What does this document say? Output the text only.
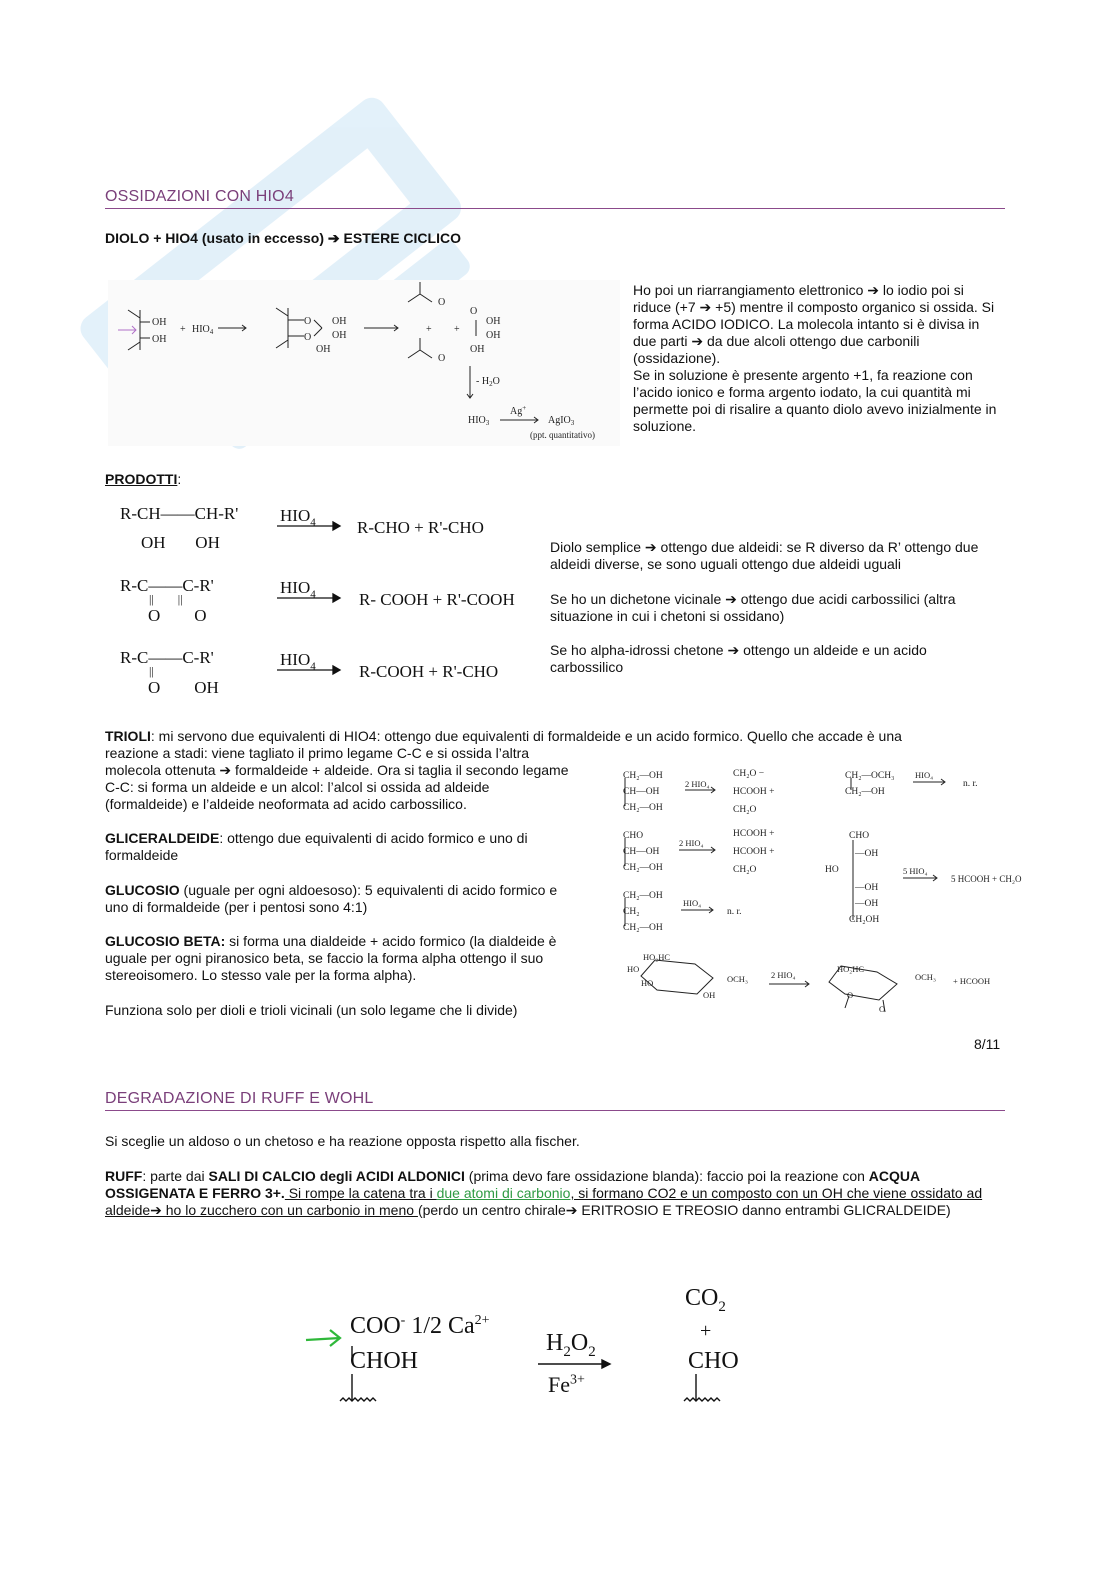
OSSIDAZIONI CON HIO4
DIOLO + HIO4 (usato in eccesso) ➔ ESTERE CICLICO
OH
OH
+ $HIO_4$
O
O
OH
OH
OH
O
O
+ +
O
OH
OH
OH
- $H_2O$
$HIO_3$
Ag+
AgIO$_3$
(ppt. quantitativo)

Ho poi un riarrangiamento elettronico ➔ lo iodio poi si riduce (+7 ➔ +5) mentre il composto organico si ossida. Si forma ACIDO IODICO. La molecola intanto si è divisa in due parti ➔ da due alcoli ottengo due carbonili (ossidazione).

Se in soluzione è presente argento +1, fa reazione con l’acido ionico e forma argento iodato, la cui quantità mi permette poi di risalire a quanto diolo avevo inizialmente in soluzione.

PRODOTTI:
R-CH——CH-R'
OH       OH
$HIO_4$ R-CHO + R'-CHO
R-C——C-R'
||        ||
O        O
$HIO_4$	R- COOH + R'-COOH
R-C——C-R'
||
O        OH
$HIO_4$	R-COOH + R'-CHO
Diolo semplice ➔ ottengo due aldeidi: se R diverso da R’ ottengo due aldeidi diverse, se sono uguali ottengo due aldeidi uguali
Se ho un dichetone vicinale ➔ ottengo due acidi carbossilici (altra situazione in cui i chetoni si ossidano)
Se ho alpha-idrossi chetone ➔ ottengo un aldeide e un acido carbossilico
TRIOLI: mi servono due equivalenti di HIO4: ottengo due equivalenti di formaldeide e un acido formico. Quello che accade è una
reazione a stadi: viene tagliato il primo legame C-C e si ossida l’altra molecola ottenuta ➔ formaldeide + aldeide. Ora si taglia il secondo legame C-C: si forma un aldeide e un alcol: l’alcol si ossida ad aldeide (formaldeide) e l’aldeide neoformata ad acido carbossilico.
GLICERALDEIDE: ottengo due equivalenti di acido formico e uno di formaldeide
GLUCOSIO (uguale per ogni aldoesoso): 5 equivalenti di acido formico e uno di formaldeide (per i pentosi sono 4:1)
GLUCOSIO BETA: si forma una dialdeide + acido formico (la dialdeide è uguale per ogni piranosico beta, se faccio la forma alpha ottengo il suo stereoisomero. Lo stesso vale per la forma alpha).
Funziona solo per dioli e trioli vicinali (un solo legame che li divide)
CH₂—OH
CH—OH
CH₂—OH
2 HIO₄
CH₂O −
HCOOH +
CH₂O
CH₂—OCH₃
CH₂—OH
HIO₄
n. r.
CHO
CH—OH
CH₂—OH
2 HIO₄
HCOOH +
HCOOH +
CH₂O
CHO
—OH
HO
—OH
—OH
CH₂OH
5 HIO₄
5 HCOOH + CH₂O
CH₂—OH
CH₂
CH₂—OH
HIO₄
n. r.
HO₂HC
HO
HO
OH
OCH₃	2 HIO₄
HO₂HC
OCH₃
O
O
+ HCOOH
8/11
DEGRADAZIONE DI RUFF E WOHL
Si sceglie un aldoso o un chetoso e ha reazione opposta rispetto alla fischer.
RUFF: parte dai SALI DI CALCIO degli ACIDI ALDONICI (prima devo fare ossidazione blanda): faccio poi la reazione con ACQUA OSSIGENATA E FERRO 3+. Si rompe la catena tra i due atomi di carbonio, si formano CO2 e un composto con un OH che viene ossidato ad aldeide➔ ho lo zucchero con un carbonio in meno (perdo un centro chirale➔ ERITROSIO E TREOSIO danno entrambi GLICRALDEIDE)
COO- 1/2 $Ca^{2+}$
CHOH
$H_2O_2$
$Fe^{3+}$
$CO_2$
+
CHO
